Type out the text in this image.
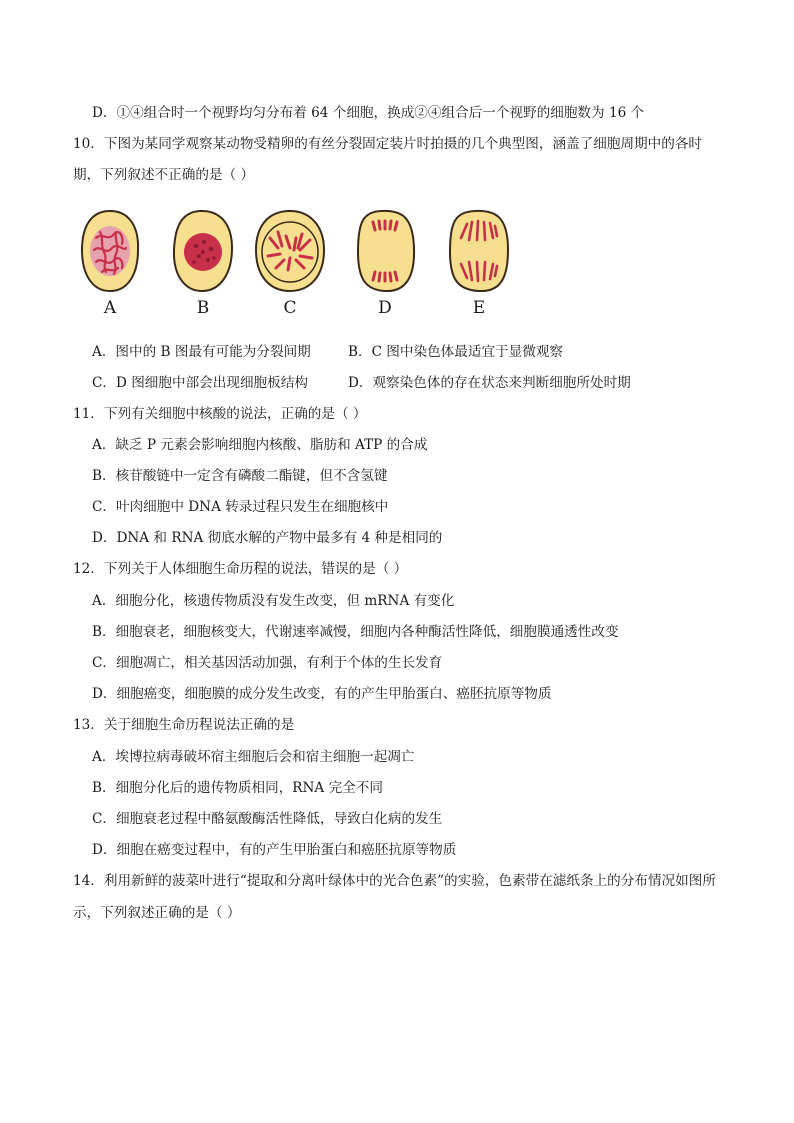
D．①④组合时一个视野均匀分布着 64 个细胞，换成②④组合后一个视野的细胞数为 16 个
10．下图为某同学观察某动物受精卵的有丝分裂固定装片时拍摄的几个典型图，涵盖了细胞周期中的各时
期，下列叙述不正确的是（ ）
A	B	C	D	E
A．图中的 B 图最有可能为分裂间期	B．C 图中染色体最适宜于显微观察
C．D 图细胞中部会出现细胞板结构	D．观察染色体的存在状态来判断细胞所处时期
11．下列有关细胞中核酸的说法，正确的是（ ）
A．缺乏 P 元素会影响细胞内核酸、脂肪和 ATP 的合成
B．核苷酸链中一定含有磷酸二酯键，但不含氢键
C．叶肉细胞中 DNA 转录过程只发生在细胞核中
D．DNA 和 RNA 彻底水解的产物中最多有 4 种是相同的
12．下列关于人体细胞生命历程的说法，错误的是（ ）
A．细胞分化，核遗传物质没有发生改变，但 mRNA 有变化
B．细胞衰老，细胞核变大，代谢速率减慢，细胞内各种酶活性降低，细胞膜通透性改变
C．细胞凋亡，相关基因活动加强，有利于个体的生长发育
D．细胞癌变，细胞膜的成分发生改变，有的产生甲胎蛋白、癌胚抗原等物质
13．关于细胞生命历程说法正确的是
A．埃博拉病毒破坏宿主细胞后会和宿主细胞一起凋亡
B．细胞分化后的遗传物质相同，RNA 完全不同
C．细胞衰老过程中酪氨酸酶活性降低，导致白化病的发生
D．细胞在癌变过程中，有的产生甲胎蛋白和癌胚抗原等物质
14．利用新鲜的菠菜叶进行“提取和分离叶绿体中的光合色素”的实验，色素带在滤纸条上的分布情况如图所
示，下列叙述正确的是（ ）
